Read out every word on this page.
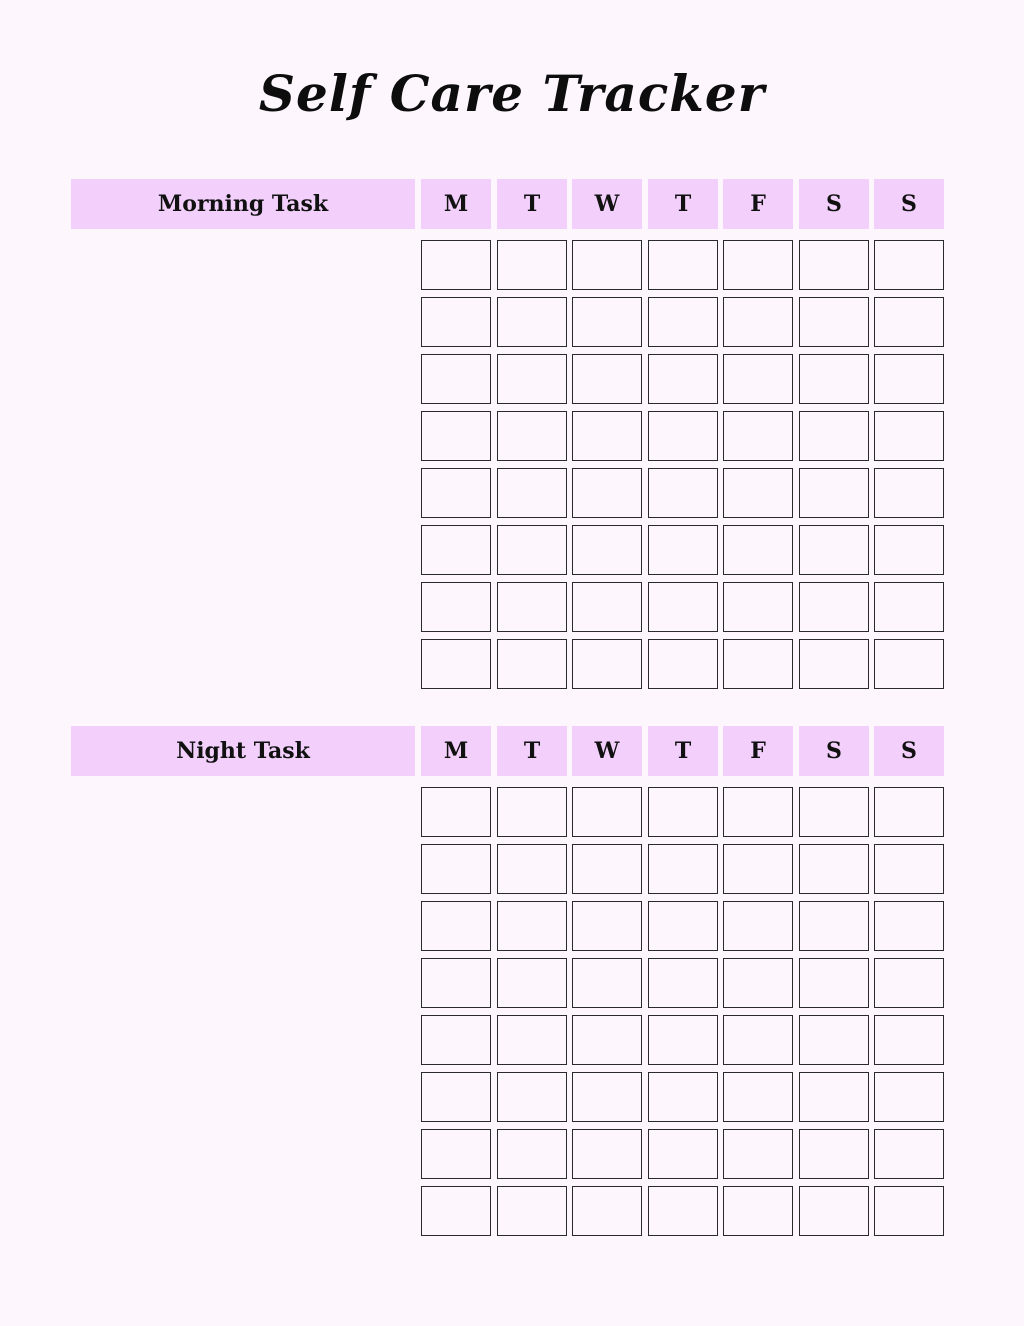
Self Care Tracker
Morning Task	M	T	W	T	F	S	S
Night Task	M	T	W	T	F	S	S
